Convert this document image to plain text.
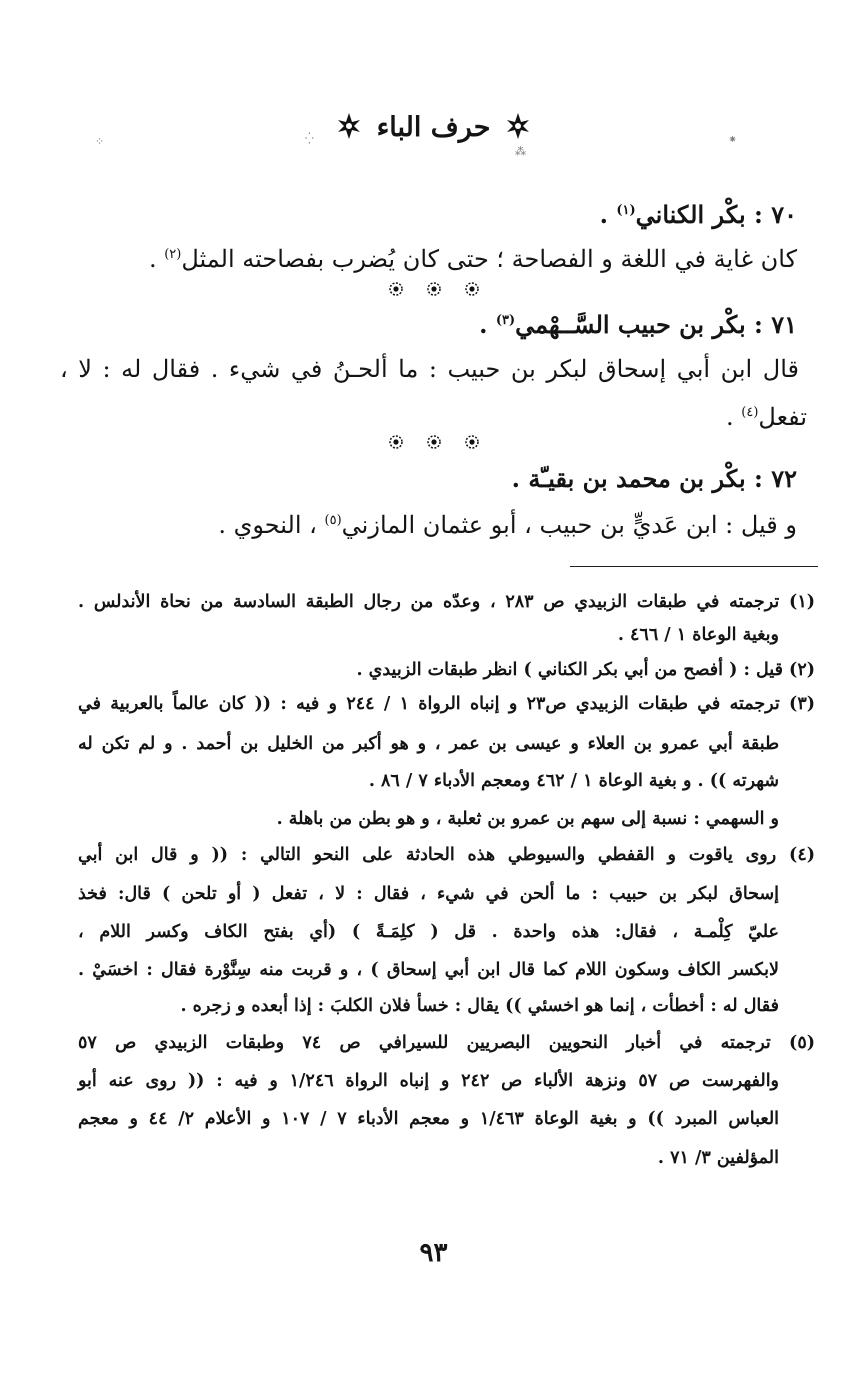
حرف الباء
⁘	⁛
⁂
⁕
٧٠ : بكْر الكناني$^{(١)}$ .
كان غاية في اللغة و الفصاحة ؛ حتى كان يُضرب بفصاحته المثل$^{(٢)}$ .
٧١ : بكْر بن حبيب السَّــهْمي$^{(٣)}$ .
قال ابن أبي إسحاق لبكر بن حبيب : ما ألحـنُ في شيء . فقال له : لا ،
تفعل$^{(٤)}$ .
٧٢ : بكْر بن محمد بن بقيـّة .
و قيل : ابن عَديٍّ بن حبيب ، أبو عثمان المازني$^{(٥)}$ ، النحوي .
(١) ترجمته في طبقات الزبيدي ص ٢٨٣ ، وعدّه من رجال الطبقة السادسة من نحاة الأندلس .
وبغية الوعاة ١ / ٤٦٦ .
(٢) قيل : ( أفصح من أبي بكر الكناني ) انظر طبقات الزبيدي .
(٣) ترجمته في طبقات الزبيدي ص٢٣ و إنباه الرواة ١ / ٢٤٤ و فيه : (( كان عالماً بالعربية في
طبقة أبي عمرو بن العلاء و عيسى بن عمر ، و هو أكبر من الخليل بن أحمد . و لم تكن له
شهرته )) . و بغية الوعاة ١ / ٤٦٢ ومعجم الأدباء ٧ / ٨٦ .
و السهمي : نسبة إلى سهم بن عمرو بن ثعلبة ، و هو بطن من باهلة .
(٤) روى ياقوت و القفطي والسيوطي هذه الحادثة على النحو التالي : (( و قال ابن أبي
إسحاق لبكر بن حبيب : ما ألحن في شيء ، فقال : لا ، تفعل ( أو تلحن ) قال: فخذ
عليّ كِلْمـة ، فقال: هذه واحدة . قل ( كلِمَـةً ) (أي بفتح الكاف وكسر اللام ،
لابكسر الكاف وسكون اللام كما قال ابن أبي إسحاق ) ، و قربت منه سِنَّوْرة فقال : اخسَيْ .
فقال له : أخطأت ، إنما هو اخسئي )) يقال : خسأ فلان الكلبَ : إذا أبعده و زجره .
(٥) ترجمته في أخبار النحويين البصريين للسيرافي ص ٧٤ وطبقات الزبيدي ص ٥٧
والفهرست ص ٥٧ ونزهة الألباء ص ٢٤٢ و إنباه الرواة ١/٢٤٦ و فيه : (( روى عنه أبو
العباس المبرد )) و بغية الوعاة ١/٤٦٣ و معجم الأدباء ٧ / ١٠٧ و الأعلام ٢/ ٤٤ و معجم
المؤلفين ٣/ ٧١ .
٩٣
